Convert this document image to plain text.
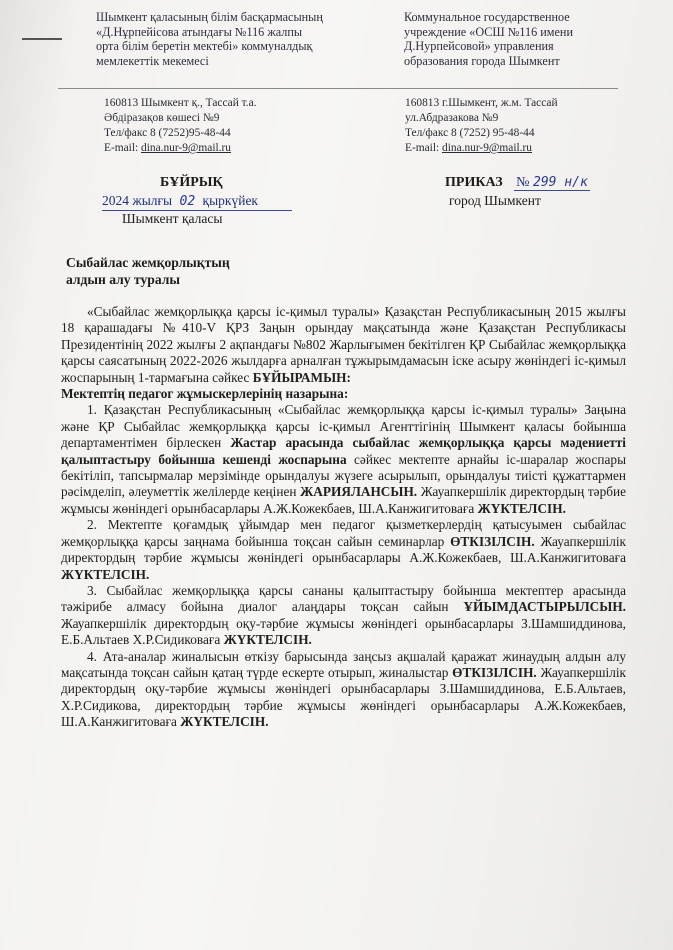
Шымкент қаласының білім басқармасының
«Д.Нұрпейісова атындағы №116 жалпы
орта білім беретін мектебі» коммуналдық
мемлекеттік мекемесі
Коммунальное государственное
учреждение «ОСШ №116 имени
Д.Нурпейсовой» управления
образования города Шымкент
160813 Шымкент қ., Тассай т.а.
Әбдіразақов көшесі №9
Тел/факс 8 (7252)95-48-44
E-mail: dina.nur-9@mail.ru
160813 г.Шымкент, ж.м. Тассай
ул.Абдразакова №9
Тел/факс 8 (7252) 95-48-44
E-mail: dina.nur-9@mail.ru
БҰЙРЫҚ
2024 жылғы 02 қыркүйек
Шымкент қаласы
ПРИКАЗ № 299 н/к
город Шымкент
Сыбайлас жемқорлықтың
алдын алу туралы

«Сыбайлас жемқорлыққа қарсы іс-қимыл туралы» Қазақстан Республикасының 2015 жылғы 18 қарашадағы №410-V ҚРЗ Заңын орындау мақсатында және Қазақстан Республикасы Президентінің 2022 жылғы 2 ақпандағы №802 Жарлығымен бекітілген ҚР Сыбайлас жемқорлыққа қарсы саясатының 2022-2026 жылдарға арналған тұжырымдамасын іске асыру жөніндегі іс-қимыл жоспарының 1-тармағына сәйкес БҰЙЫРАМЫН:

Мектептің педагог жұмыскерлерінің назарына:

1. Қазақстан Республикасының «Сыбайлас жемқорлыққа қарсы іс-қимыл туралы» Заңына және ҚР Сыбайлас жемқорлыққа қарсы іс-қимыл Агенттігінің Шымкент қаласы бойынша департаментімен бірлескен Жастар арасында сыбайлас жемқорлыққа қарсы мәдениетті қалыптастыру бойынша кешенді жоспарына сәйкес мектепте арнайы іс-шаралар жоспары бекітіліп, тапсырмалар мерзімінде орындалуы жүзеге асырылып, орындалуы тиісті құжаттармен рәсімделіп, әлеуметтік желілерде кеңінен ЖАРИЯЛАНСЫН. Жауапкершілік директордың тәрбие жұмысы жөніндегі орынбасарлары А.Ж.Кожекбаев, Ш.А.Канжигитоваға ЖҮКТЕЛСІН.

2. Мектепте қоғамдық ұйымдар мен педагог қызметкерлердің қатысуымен сыбайлас жемқорлыққа қарсы заңнама бойынша тоқсан сайын семинарлар ӨТКІЗІЛСІН. Жауапкершілік директордың тәрбие жұмысы жөніндегі орынбасарлары А.Ж.Кожекбаев, Ш.А.Канжигитоваға ЖҮКТЕЛСІН.

3. Сыбайлас жемқорлыққа қарсы сананы қалыптастыру бойынша мектептер арасында тәжірибе алмасу бойына диалог алаңдары тоқсан сайын ҰЙЫМДАСТЫРЫЛСЫН. Жауапкершілік директордың оқу-тәрбие жұмысы жөніндегі орынбасарлары З.Шамшиддинова, Е.Б.Альтаев Х.Р.Сидиковаға ЖҮКТЕЛСІН.

4. Ата-аналар жиналысын өткізу барысында заңсыз ақшалай қаражат жинаудың алдын алу мақсатында тоқсан сайын қатаң түрде ескерте отырып, жиналыстар ӨТКІЗІЛСІН. Жауапкершілік директордың оқу-тәрбие жұмысы жөніндегі орынбасарлары З.Шамшиддинова, Е.Б.Альтаев, Х.Р.Сидикова, директордың тәрбие жұмысы жөніндегі орынбасарлары А.Ж.Кожекбаев, Ш.А.Канжигитоваға ЖҮКТЕЛСІН.
